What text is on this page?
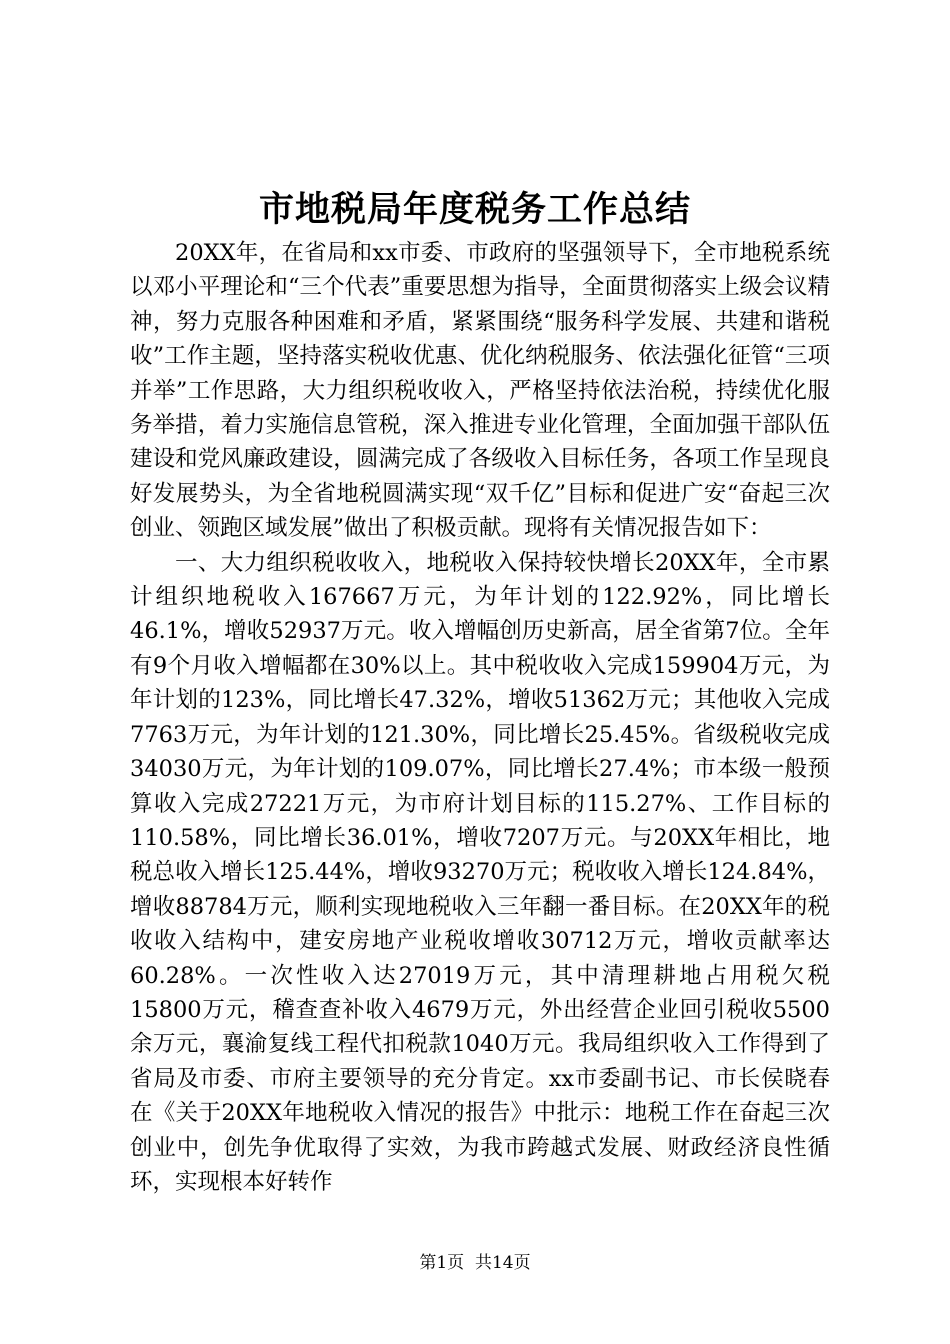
市地税局年度税务工作总结

20XX年，在省局和xx市委、市政府的坚强领导下，全市地税系统以邓小平理论和“三个代表”重要思想为指导，全面贯彻落实上级会议精神，努力克服各种困难和矛盾，紧紧围绕“服务科学发展、共建和谐税收”工作主题，坚持落实税收优惠、优化纳税服务、依法强化征管“三项并举”工作思路，大力组织税收收入，严格坚持依法治税，持续优化服务举措，着力实施信息管税，深入推进专业化管理，全面加强干部队伍建设和党风廉政建设，圆满完成了各级收入目标任务，各项工作呈现良好发展势头，为全省地税圆满实现“双千亿”目标和促进广安“奋起三次创业、领跑区域发展”做出了积极贡献。现将有关情况报告如下：

一、大力组织税收收入，地税收入保持较快增长20XX年，全市累计组织地税收入167667万元，为年计划的122.92%，同比增长46.1%，增收52937万元。收入增幅创历史新高，居全省第7位。全年有9个月收入增幅都在30%以上。其中税收收入完成159904万元，为年计划的123%，同比增长47.32%，增收51362万元；其他收入完成7763万元，为年计划的121.30%，同比增长25.45%。省级税收完成34030万元，为年计划的109.07%，同比增长27.4%；市本级一般预算收入完成27221万元，为市府计划目标的115.27%、工作目标的110.58%，同比增长36.01%，增收7207万元。与20XX年相比，地税总收入增长125.44%，增收93270万元；税收收入增长124.84%，增收88784万元，顺利实现地税收入三年翻一番目标。在20XX年的税收收入结构中，建安房地产业税收增收30712万元，增收贡献率达60.28%。一次性收入达27019万元，其中清理耕地占用税欠税15800万元，稽查查补收入4679万元，外出经营企业回引税收5500余万元，襄渝复线工程代扣税款1040万元。我局组织收入工作得到了省局及市委、市府主要领导的充分肯定。xx市委副书记、市长侯晓春在《关于20XX年地税收入情况的报告》中批示：地税工作在奋起三次创业中，创先争优取得了实效，为我市跨越式发展、财政经济良性循环，实现根本好转作

第1页  共14页
